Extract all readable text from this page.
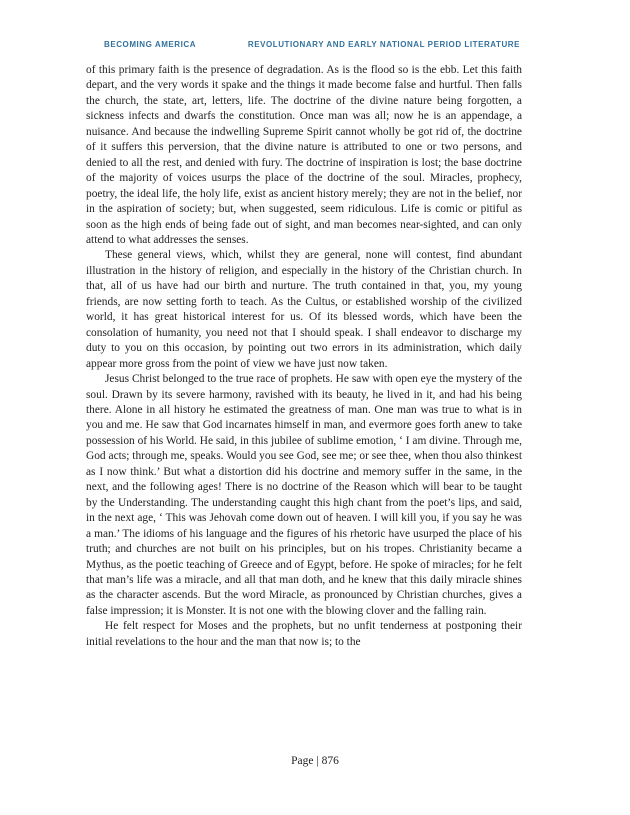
BECOMING AMERICA	REVOLUTIONARY AND EARLY NATIONAL PERIOD LITERATURE

of this primary faith is the presence of degradation. As is the flood so is the ebb. Let this faith depart, and the very words it spake and the things it made become false and hurtful. Then falls the church, the state, art, letters, life. The doctrine of the divine nature being forgotten, a sickness infects and dwarfs the constitution. Once man was all; now he is an appendage, a nuisance. And because the indwelling Supreme Spirit cannot wholly be got rid of, the doctrine of it suffers this perversion, that the divine nature is attributed to one or two persons, and denied to all the rest, and denied with fury. The doctrine of inspiration is lost; the base doctrine of the majority of voices usurps the place of the doctrine of the soul. Miracles, prophecy, poetry, the ideal life, the holy life, exist as ancient history merely; they are not in the belief, nor in the aspiration of society; but, when suggested, seem ridiculous. Life is comic or pitiful as soon as the high ends of being fade out of sight, and man becomes near-sighted, and can only attend to what addresses the senses.

These general views, which, whilst they are general, none will contest, find abundant illustration in the history of religion, and especially in the history of the Christian church. In that, all of us have had our birth and nurture. The truth contained in that, you, my young friends, are now setting forth to teach. As the Cultus, or established worship of the civilized world, it has great historical interest for us. Of its blessed words, which have been the consolation of humanity, you need not that I should speak. I shall endeavor to discharge my duty to you on this occasion, by pointing out two errors in its administration, which daily appear more gross from the point of view we have just now taken.

Jesus Christ belonged to the true race of prophets. He saw with open eye the mystery of the soul. Drawn by its severe harmony, ravished with its beauty, he lived in it, and had his being there. Alone in all history he estimated the greatness of man. One man was true to what is in you and me. He saw that God incarnates himself in man, and evermore goes forth anew to take possession of his World. He said, in this jubilee of sublime emotion, ‘ I am divine. Through me, God acts; through me, speaks. Would you see God, see me; or see thee, when thou also thinkest as I now think.’ But what a distortion did his doctrine and memory suffer in the same, in the next, and the following ages! There is no doctrine of the Reason which will bear to be taught by the Understanding. The understanding caught this high chant from the poet’s lips, and said, in the next age, ‘ This was Jehovah come down out of heaven. I will kill you, if you say he was a man.’ The idioms of his language and the figures of his rhetoric have usurped the place of his truth; and churches are not built on his principles, but on his tropes. Christianity became a Mythus, as the poetic teaching of Greece and of Egypt, before. He spoke of miracles; for he felt that man’s life was a miracle, and all that man doth, and he knew that this daily miracle shines as the character ascends. But the word Miracle, as pronounced by Christian churches, gives a false impression; it is Monster. It is not one with the blowing clover and the falling rain.

He felt respect for Moses and the prophets, but no unfit tenderness at postponing their initial revelations to the hour and the man that now is; to the

Page | 876
